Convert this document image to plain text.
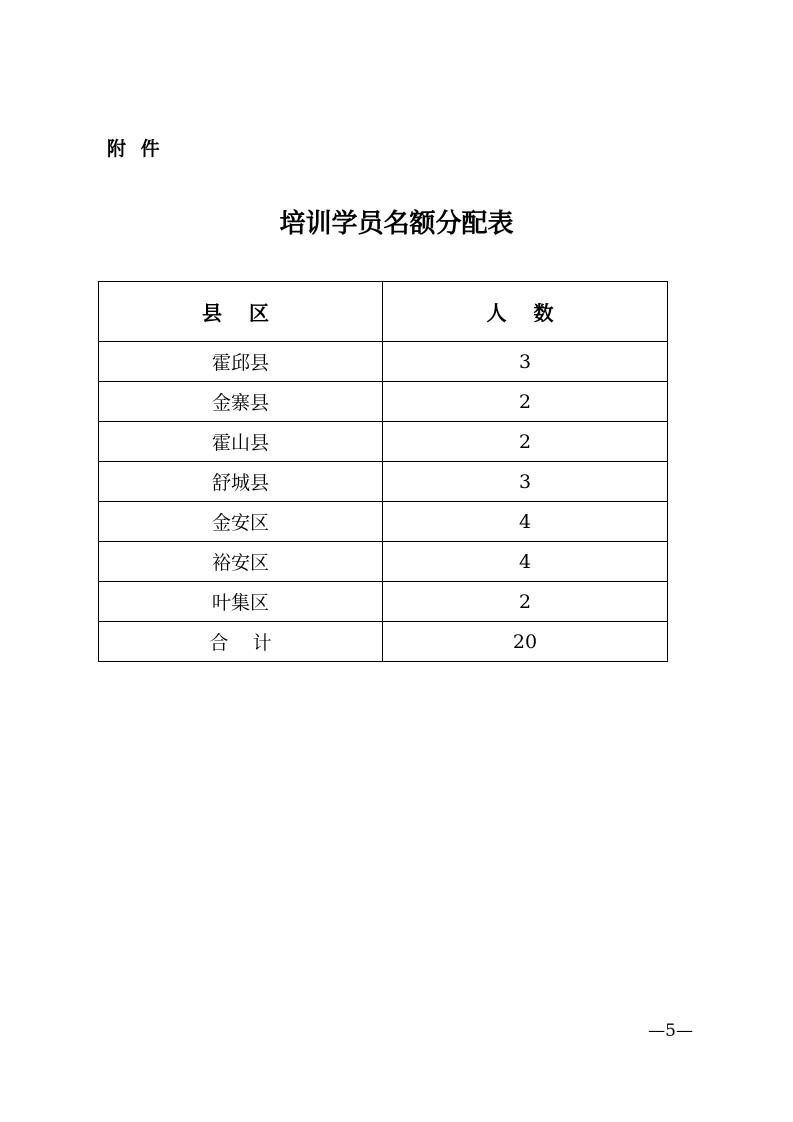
附 件
培训学员名额分配表
县 区	人 数
霍邱县	3
金寨县	2
霍山县	2
舒城县	3
金安区	4
裕安区	4
叶集区	2
合    计	20
—5—
